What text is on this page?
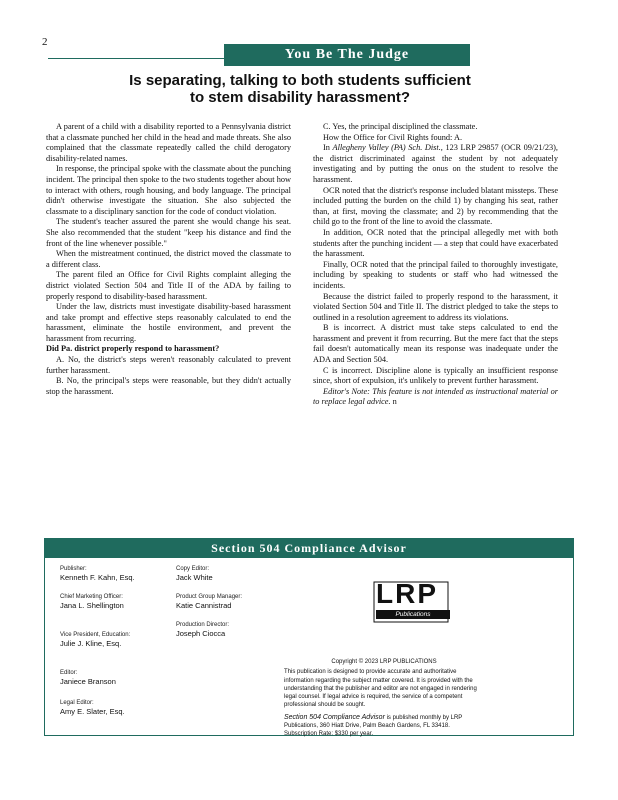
2
You Be The Judge
Is separating, talking to both students sufficient
to stem disability harassment?

A parent of a child with a disability reported to a Pennsylvania district that a classmate punched her child in the head and made threats. She also complained that the classmate repeatedly called the child derogatory disability-related names.

In response, the principal spoke with the classmate about the punching incident. The principal then spoke to the two students together about how to interact with others, rough housing, and body language. The principal didn't otherwise investigate the situation. She also subjected the classmate to a disciplinary sanction for the code of conduct violation.

The student's teacher assured the parent she would change his seat. She also recommended that the student "keep his distance and find the front of the line whenever possible."

When the mistreatment continued, the district moved the classmate to a different class.

The parent filed an Office for Civil Rights complaint alleging the district violated Section 504 and Title II of the ADA by failing to properly respond to disability-based harassment.

Under the law, districts must investigate disability-based harassment and take prompt and effective steps reasonably calculated to end the harassment, eliminate the hostile environment, and prevent the harassment from recurring.

Did Pa. district properly respond to harassment?

A. No, the district's steps weren't reasonably calculated to prevent further harassment.

B. No, the principal's steps were reasonable, but they didn't actually stop the harassment.

C. Yes, the principal disciplined the classmate.

How the Office for Civil Rights found: A.

In Allegheny Valley (PA) Sch. Dist., 123 LRP 29857 (OCR 09/21/23), the district discriminated against the student by not adequately investigating and by putting the onus on the student to resolve the harassment.

OCR noted that the district's response included blatant missteps. These included putting the burden on the child 1) by changing his seat, rather than, at first, moving the classmate; and 2) by recommending that the child go to the front of the line to avoid the classmate.

In addition, OCR noted that the principal allegedly met with both students after the punching incident — a step that could have exacerbated the harassment.

Finally, OCR noted that the principal failed to thoroughly investigate, including by speaking to students or staff who had witnessed the incidents.

Because the district failed to properly respond to the harassment, it violated Section 504 and Title II. The district pledged to take the steps to outlined in a resolution agreement to address its violations.

B is incorrect. A district must take steps calculated to end the harassment and prevent it from recurring. But the mere fact that the steps fail doesn't automatically mean its response was inadequate under the ADA and Section 504.

C is incorrect. Discipline alone is typically an insufficient response since, short of expulsion, it's unlikely to prevent further harassment.

Editor's Note: This feature is not intended as instructional material or to replace legal advice. n

Section 504 Compliance Advisor
Publisher:
Kenneth F. Kahn, Esq.
Chief Marketing Officer:
Jana L. Shellington
Vice President, Education:
Julie J. Kline, Esq.
Editor:
Janiece Branson
Legal Editor:
Amy E. Slater, Esq.
Copy Editor:
Jack White
Product Group Manager:
Katie Cannistrad
Production Director:
Joseph Ciocca
LRP
Publications
Copyright © 2023 LRP PUBLICATIONS
This publication is designed to provide accurate and authoritative information regarding the subject matter covered. It is provided with the understanding that the publisher and editor are not engaged in rendering legal counsel. If legal advice is required, the service of a competent professional should be sought.
Section 504 Compliance Advisor is published monthly by LRP Publications, 360 Hiatt Drive, Palm Beach Gardens, FL 33418. Subscription Rate: $330 per year.
